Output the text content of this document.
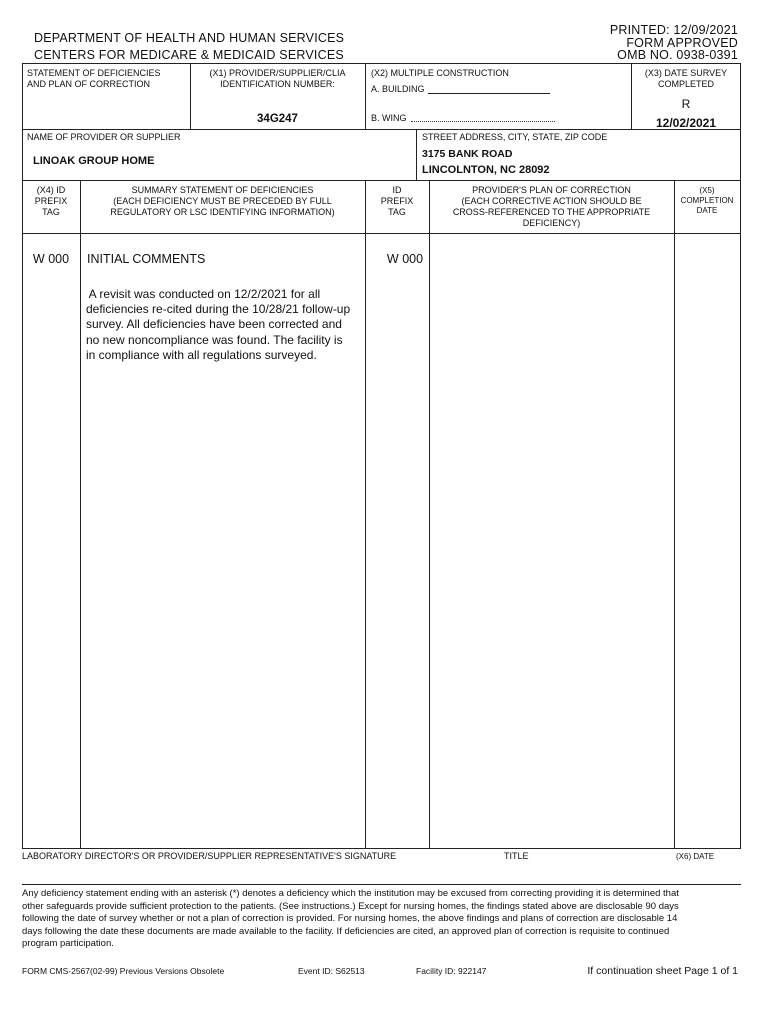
DEPARTMENT OF HEALTH AND HUMAN SERVICES
CENTERS FOR MEDICARE & MEDICAID SERVICES
PRINTED: 12/09/2021
FORM APPROVED
OMB NO. 0938-0391
STATEMENT OF DEFICIENCIES
AND PLAN OF CORRECTION
(X1) PROVIDER/SUPPLIER/CLIA
IDENTIFICATION NUMBER:
34G247
(X2) MULTIPLE CONSTRUCTION
A. BUILDING
B. WING
(X3) DATE SURVEY
COMPLETED
R
12/02/2021
NAME OF PROVIDER OR SUPPLIER
LINOAK GROUP HOME
STREET ADDRESS, CITY, STATE, ZIP CODE
3175 BANK ROAD
LINCOLNTON, NC 28092
(X4) ID
PREFIX
TAG
SUMMARY STATEMENT OF DEFICIENCIES
(EACH DEFICIENCY MUST BE PRECEDED BY FULL
REGULATORY OR LSC IDENTIFYING INFORMATION)
ID
PREFIX
TAG
PROVIDER'S PLAN OF CORRECTION
(EACH CORRECTIVE ACTION SHOULD BE
CROSS-REFERENCED TO THE APPROPRIATE
DEFICIENCY)
(X5)
COMPLETION
DATE
W 000	INITIAL COMMENTS	W 000
A revisit was conducted on 12/2/2021 for all
deficiencies re-cited during the 10/28/21 follow-up
survey. All deficiencies have been corrected and
no new noncompliance was found. The facility is
in compliance with all regulations surveyed.
LABORATORY DIRECTOR'S OR PROVIDER/SUPPLIER REPRESENTATIVE'S SIGNATURE	TITLE	(X6) DATE
Any deficiency statement ending with an asterisk (*) denotes a deficiency which the institution may be excused from correcting providing it is determined that
other safeguards provide sufficient protection to the patients. (See instructions.) Except for nursing homes, the findings stated above are disclosable 90 days
following the date of survey whether or not a plan of correction is provided. For nursing homes, the above findings and plans of correction are disclosable 14
days following the date these documents are made available to the facility. If deficiencies are cited, an approved plan of correction is requisite to continued
program participation.
FORM CMS-2567(02-99) Previous Versions Obsolete	Event ID: S62513	Facility ID: 922147	If continuation sheet Page 1 of 1
